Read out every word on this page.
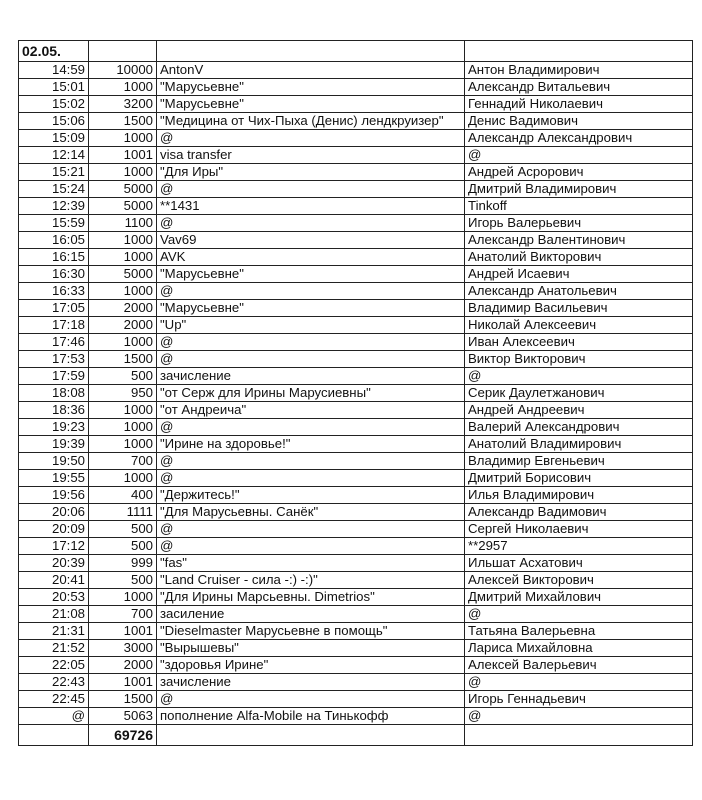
02.05.			
14:59	10000	AntonV	Антон Владимирович
15:01	1000	"Марусьевне"	Александр Витальевич
15:02	3200	"Марусьевне"	Геннадий Николаевич
15:06	1500	"Медицина от Чих-Пыха (Денис) лендкруизер"	Денис Вадимович
15:09	1000	@	Александр Александрович
12:14	1001	visa transfer	@
15:21	1000	"Для Иры"	Андрей Асрорович
15:24	5000	@	Дмитрий Владимирович
12:39	5000	**1431	Tinkoff
15:59	1100	@	Игорь Валерьевич
16:05	1000	Vav69	Александр Валентинович
16:15	1000	AVK	Анатолий Викторович
16:30	5000	"Марусьевне"	Андрей Исаевич
16:33	1000	@	Александр Анатольевич
17:05	2000	"Марусьевне"	Владимир Васильевич
17:18	2000	"Up"	Николай Алексеевич
17:46	1000	@	Иван Алексеевич
17:53	1500	@	Виктор Викторович
17:59	500	зачисление	@
18:08	950	"от Серж для Ирины Марусиевны"	Серик Даулетжанович
18:36	1000	"от Андреича"	Андрей Андреевич
19:23	1000	@	Валерий Александрович
19:39	1000	"Ирине на здоровье!"	Анатолий Владимирович
19:50	700	@	Владимир Евгеньевич
19:55	1000	@	Дмитрий Борисович
19:56	400	"Держитесь!"	Илья Владимирович
20:06	1111	"Для Марусьевны. Санёк"	Александр Вадимович
20:09	500	@	Сергей Николаевич
17:12	500	@	**2957
20:39	999	"fas"	Ильшат Асхатович
20:41	500	"Land Cruiser - сила -:) -:)"	Алексей Викторович
20:53	1000	"Для Ирины Марсьевны. Dimetrios"	Дмитрий Михайлович
21:08	700	засиление	@
21:31	1001	"Dieselmaster Марусьевне в помощь"	Татьяна Валерьевна
21:52	3000	"Вырышевы"	Лариса Михайловна
22:05	2000	"здоровья Ирине"	Алексей Валерьевич
22:43	1001	зачисление	@
22:45	1500	@	Игорь Геннадьевич
@	5063	пополнение Alfa-Mobile на Тинькофф	@
	69726		
